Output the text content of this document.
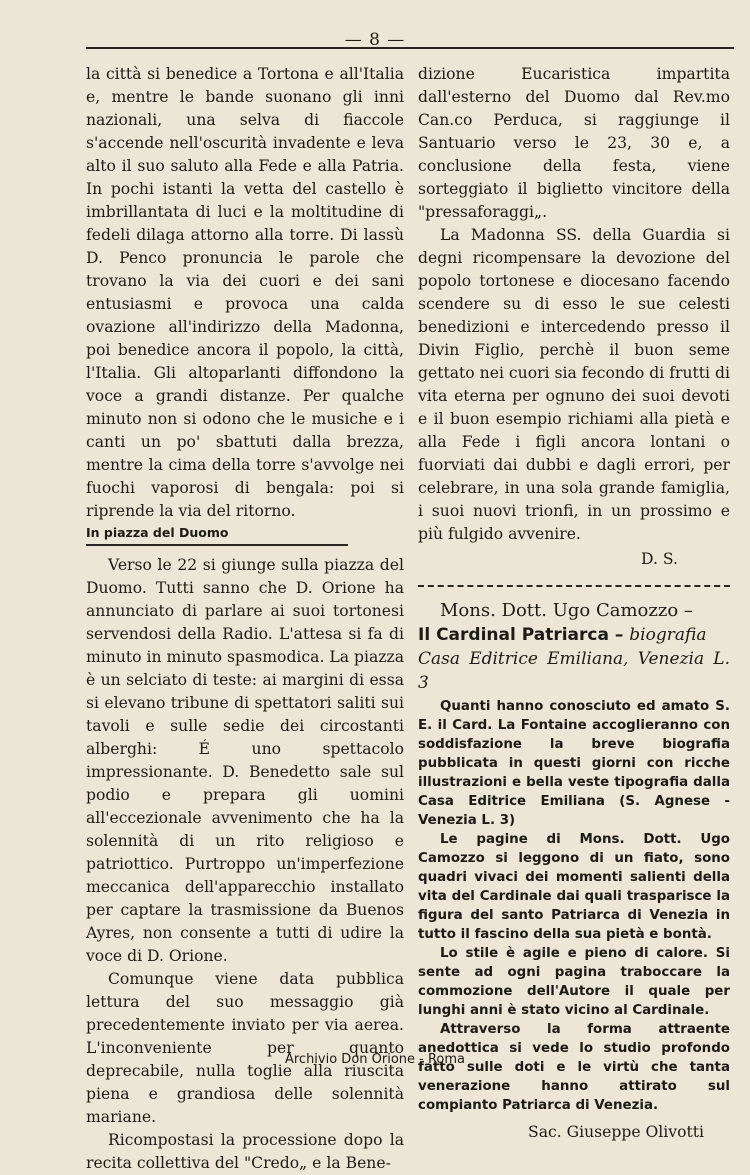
— 8 —

la città si benedice a Tortona e all'Italia e, mentre le bande suonano gli inni nazionali, una selva di fiaccole s'accende nell'oscurità invadente e leva alto il suo saluto alla Fede e alla Patria. In pochi istanti la vetta del castello è imbrillantata di luci e la moltitudine di fedeli dilaga attorno alla torre. Di lassù D. Penco pronuncia le parole che trovano la via dei cuori e dei sani entusiasmi e provoca una calda ovazione all'indirizzo della Madonna, poi benedice ancora il popolo, la città, l'Italia. Gli altoparlanti diffondono la voce a grandi distanze. Per qualche minuto non si odono che le musiche e i canti un po' sbattuti dalla brezza, mentre la cima della torre s'avvolge nei fuochi vaporosi di bengala: poi si riprende la via del ritorno.

In piazza del Duomo

Verso le 22 si giunge sulla piazza del Duomo. Tutti sanno che D. Orione ha annunciato di parlare ai suoi tortonesi servendosi della Radio. L'attesa si fa di minuto in minuto spasmodica. La piazza è un selciato di teste: ai margini di essa si elevano tribune di spettatori saliti sui tavoli e sulle sedie dei circostanti alberghi: É uno spettacolo impressionante. D. Benedetto sale sul podio e prepara gli uomini all'eccezionale avvenimento che ha la solennità di un rito religioso e patriottico. Purtroppo un'imperfezione meccanica dell'apparecchio installato per captare la trasmissione da Buenos Ayres, non consente a tutti di udire la voce di D. Orione.

Comunque viene data pubblica lettura del suo messaggio già precedentemente inviato per via aerea. L'inconveniente per quanto deprecabile, nulla toglie alla riuscita piena e grandiosa delle solennità mariane.

Ricompostasi la processione dopo la recita collettiva del "Credo„ e la Bene-

dizione Eucaristica impartita dall'esterno del Duomo dal Rev.mo Can.co Perduca, si raggiunge il Santuario verso le 23, 30 e, a conclusione della festa, viene sorteggiato il biglietto vincitore della "pressaforaggi„.

La Madonna SS. della Guardia si degni ricompensare la devozione del popolo tortonese e diocesano facendo scendere su di esso le sue celesti benedizioni e intercedendo presso il Divin Figlio, perchè il buon seme gettato nei cuori sia fecondo di frutti di vita eterna per ognuno dei suoi devoti e il buon esempio richiami alla pietà e alla Fede i figli ancora lontani o fuorviati dai dubbi e dagli errori, per celebrare, in una sola grande famiglia, i suoi nuovi trionfi, in un prossimo e più fulgido avvenire.

D. S.
Mons. Dott. Ugo Camozzo –
Il Cardinal Patriarca – biografia
Casa Editrice Emiliana, Venezia L. 3

Quanti hanno conosciuto ed amato S. E. il Card. La Fontaine accoglieranno con soddisfazione la breve biografia pubblicata in questi giorni con ricche illustrazioni e bella veste tipografia dalla Casa Editrice Emiliana (S. Agnese - Venezia L. 3)

Le pagine di Mons. Dott. Ugo Camozzo si leggono di un fiato, sono quadri vivaci dei momenti salienti della vita del Cardinale dai quali trasparisce la figura del santo Patriarca di Venezia in tutto il fascino della sua pietà e bontà.

Lo stile è agile e pieno di calore. Si sente ad ogni pagina traboccare la commozione dell'Autore il quale per lunghi anni è stato vicino al Cardinale.

Attraverso la forma attraente anedottica si vede lo studio profondo fatto sulle doti e le virtù che tanta venerazione hanno attirato sul compianto Patriarca di Venezia.

Sac. Giuseppe Olivotti
Archivio Don Orione - Roma
